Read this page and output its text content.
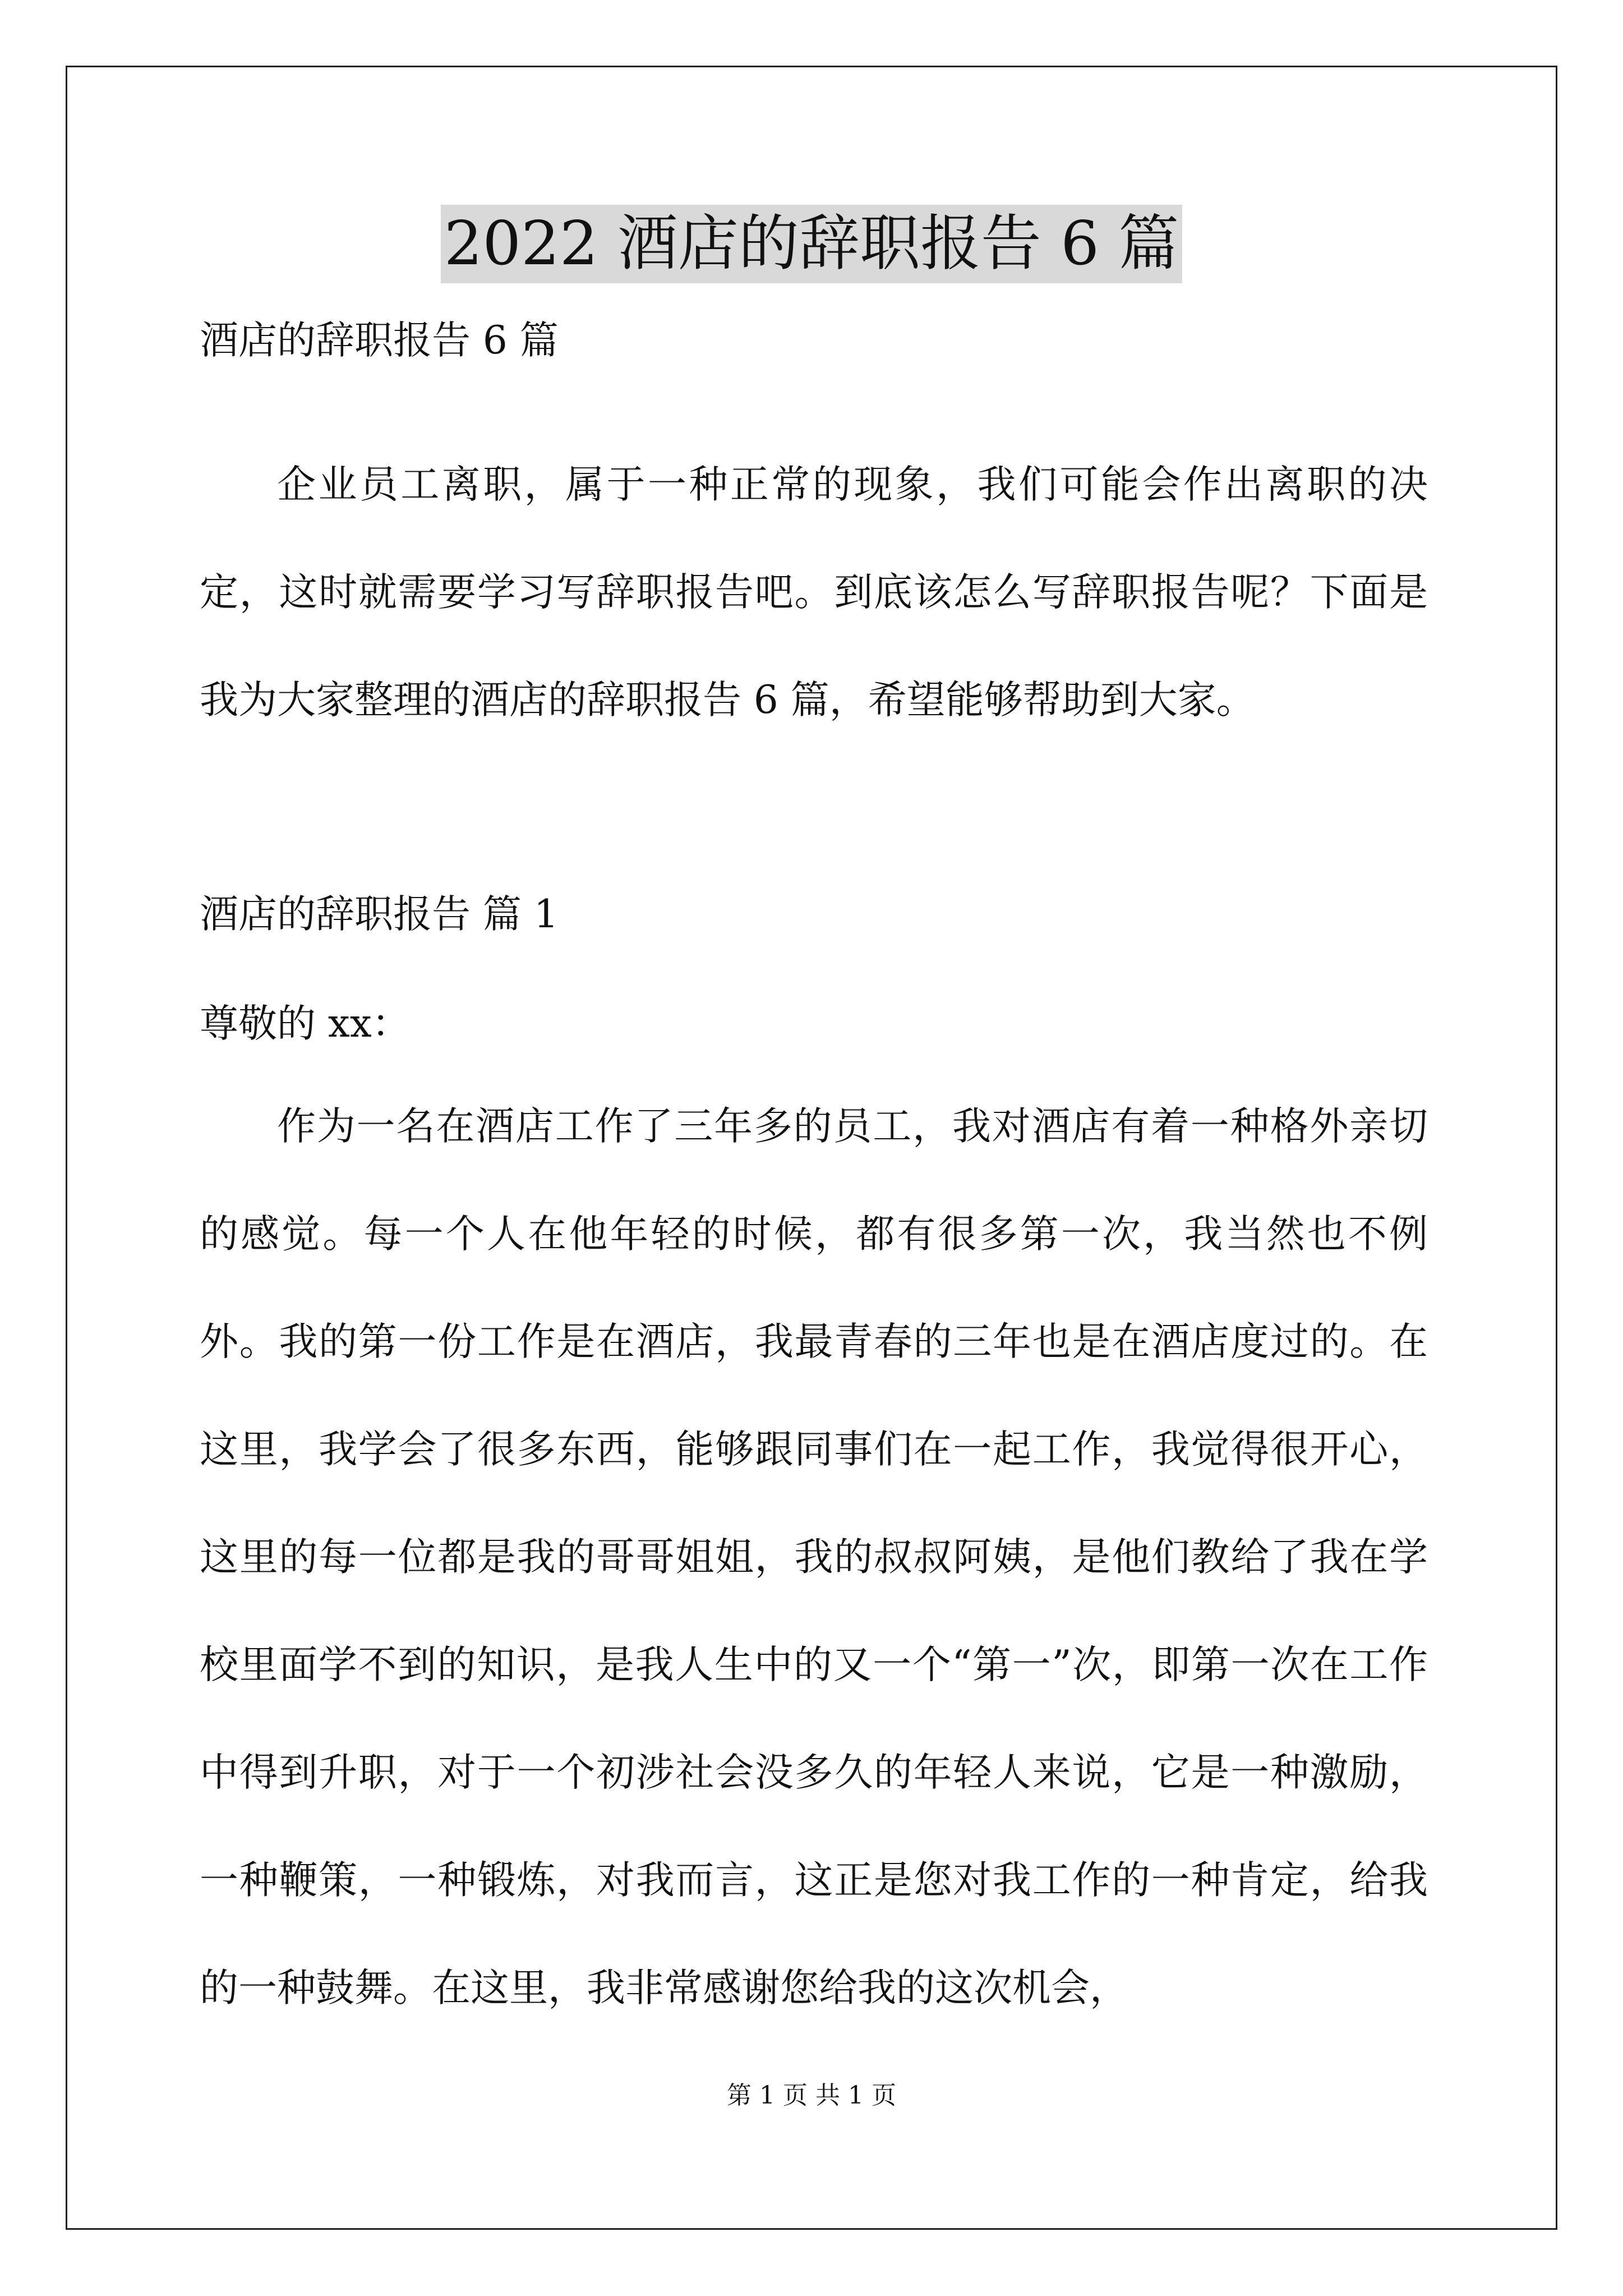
2022 酒店的辞职报告 6 篇

酒店的辞职报告 6 篇

企业员工离职，属于一种正常的现象，我们可能会作出离职的决定，这时就需要学习写辞职报告吧。到底该怎么写辞职报告呢？下面是我为大家整理的酒店的辞职报告 6 篇，希望能够帮助到大家。

酒店的辞职报告 篇 1

尊敬的 xx：

作为一名在酒店工作了三年多的员工，我对酒店有着一种格外亲切的感觉。每一个人在他年轻的时候，都有很多第一次，我当然也不例外。我的第一份工作是在酒店，我最青春的三年也是在酒店度过的。在这里，我学会了很多东西，能够跟同事们在一起工作，我觉得很开心，这里的每一位都是我的哥哥姐姐，我的叔叔阿姨，是他们教给了我在学校里面学不到的知识，是我人生中的又一个“第一”次，即第一次在工作中得到升职，对于一个初涉社会没多久的年轻人来说，它是一种激励，一种鞭策，一种锻炼，对我而言，这正是您对我工作的一种肯定，给我的一种鼓舞。在这里，我非常感谢您给我的这次机会，

第 1 页 共 1 页
